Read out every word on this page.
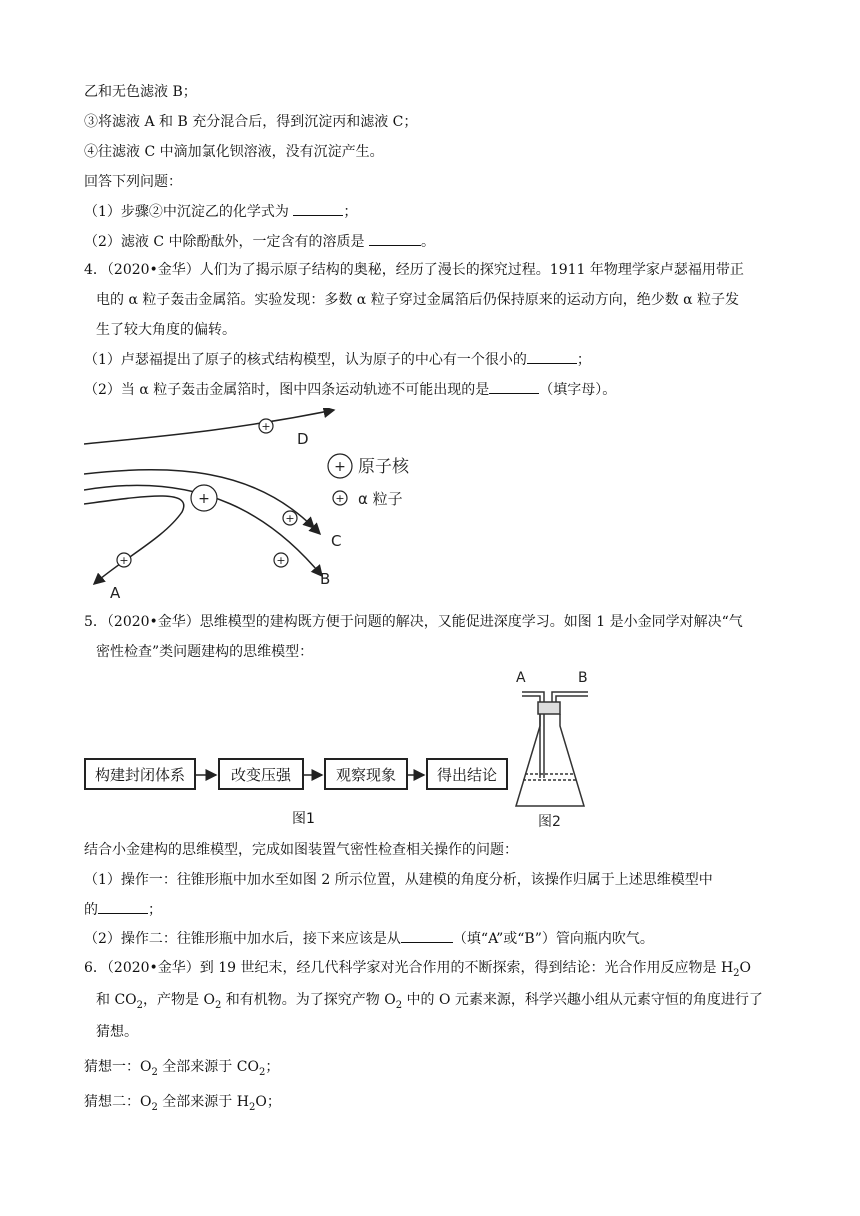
乙和无色滤液 B；
③将滤液 A 和 B 充分混合后，得到沉淀丙和滤液 C；
④往滤液 C 中滴加氯化钡溶液，没有沉淀产生。
回答下列问题：
（1）步骤②中沉淀乙的化学式为	；
（2）滤液 C 中除酚酞外，一定含有的溶质是	。
4．（2020•金华）人们为了揭示原子结构的奥秘，经历了漫长的探究过程。1911 年物理学家卢瑟福用带正
电的 α 粒子轰击金属箔。实验发现：多数 α 粒子穿过金属箔后仍保持原来的运动方向，绝少数 α 粒子发
生了较大角度的偏转。
（1）卢瑟福提出了原子的核式结构模型，认为原子的中心有一个很小的	；
（2）当 α 粒子轰击金属箔时，图中四条运动轨迹不可能出现的是	（填字母）。
+
+
+
+
+
+
+
D
C
B
A
原子核
α 粒子
5．（2020•金华）思维模型的建构既方便于问题的解决，又能促进深度学习。如图 1 是小金同学对解决“气
密性检查”类问题建构的思维模型：
构建封闭体系	改变压强	观察现象	得出结论
图1
A	B
图2
结合小金建构的思维模型，完成如图装置气密性检查相关操作的问题：
（1）操作一：往锥形瓶中加水至如图 2 所示位置，从建模的角度分析，该操作归属于上述思维模型中
的	；
（2）操作二：往锥形瓶中加水后，接下来应该是从	（填“A”或“B”）管向瓶内吹气。
6．（2020•金华）到 19 世纪末，经几代科学家对光合作用的不断探索，得到结论：光合作用反应物是 $H_2O$
和 $CO_2$，产物是 $O_2$ 和有机物。为了探究产物 $O_2$ 中的 O 元素来源，科学兴趣小组从元素守恒的角度进行了
猜想。
猜想一：$O_2$ 全部来源于 $CO_2$；
猜想二：$O_2$ 全部来源于 $H_2O$；
